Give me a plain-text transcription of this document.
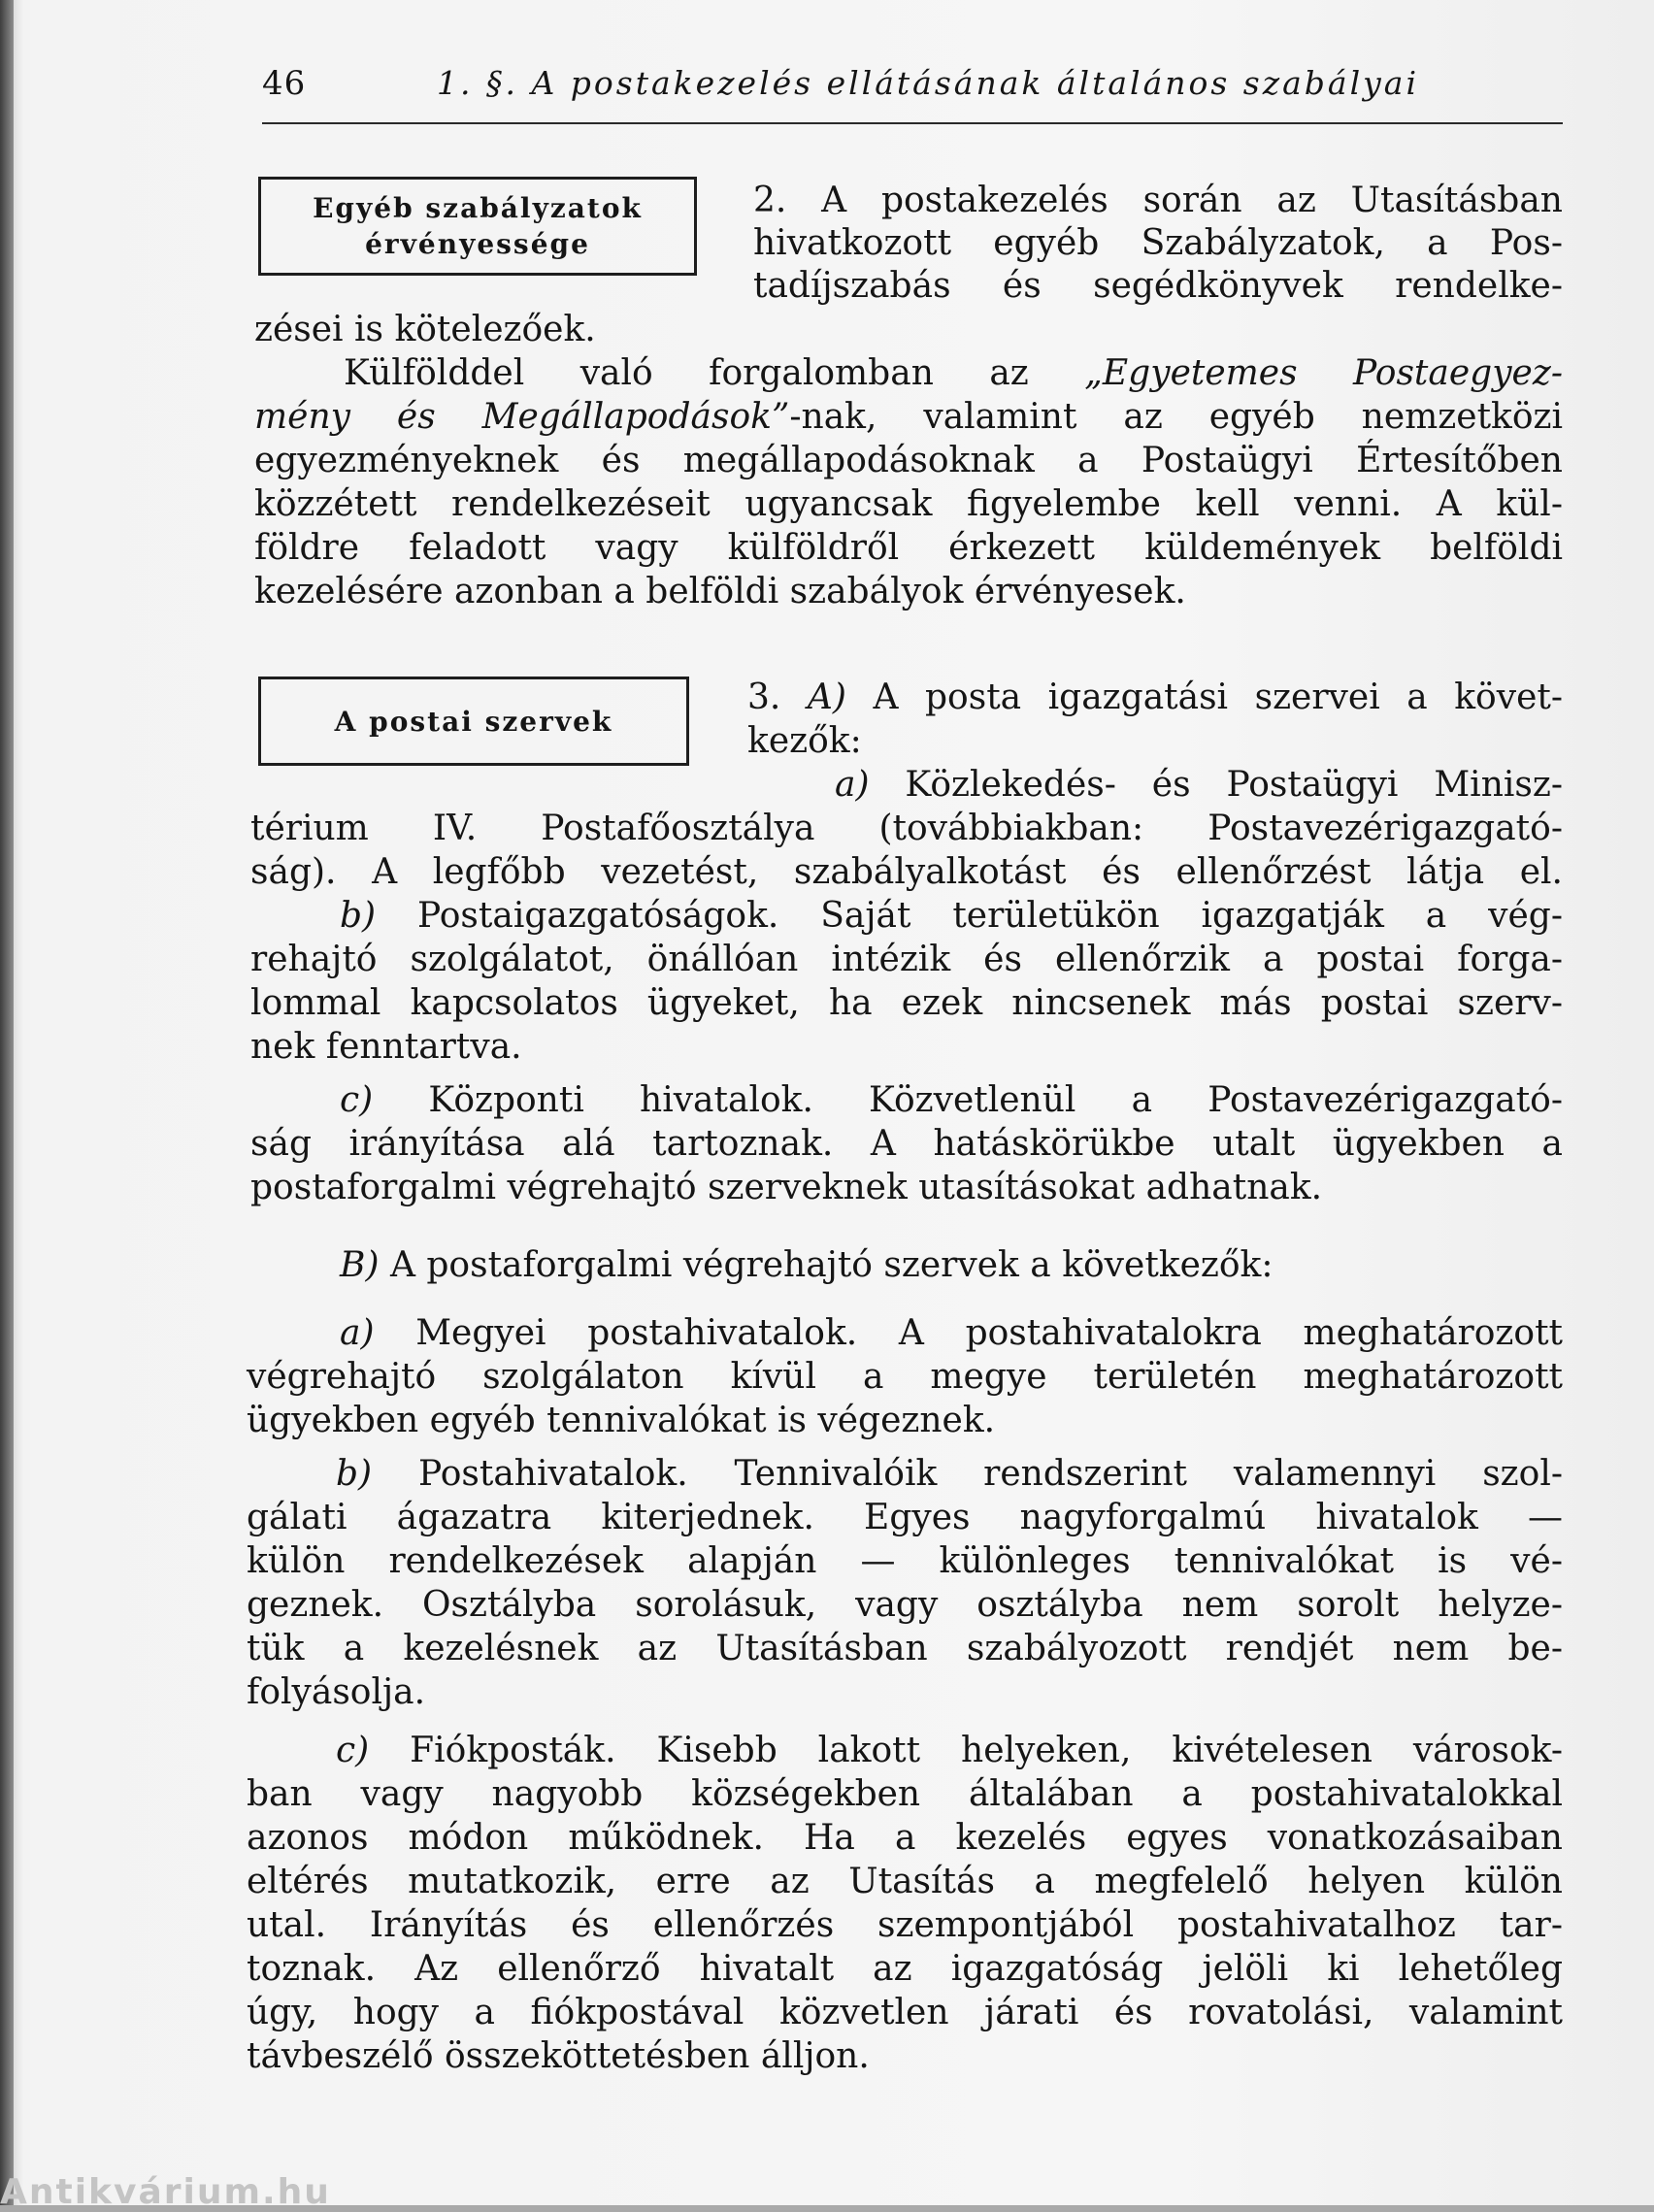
46	1. §. A postakezelés ellátásának általános szabályai
Egyéb szabályzatok
érvényessége
2. A postakezelés során az Utasításban
hivatkozott egyéb Szabályzatok, a Pos-
tadíjszabás és segédkönyvek rendelke-
zései is kötelezőek.
Külfölddel való forgalomban az „Egyetemes Postaegyez-
mény és Megállapodások”-nak, valamint az egyéb nemzetközi
egyezményeknek és megállapodásoknak a Postaügyi Értesítőben
közzétett rendelkezéseit ugyancsak figyelembe kell venni. A kül-
földre feladott vagy külföldről érkezett küldemények belföldi
kezelésére azonban a belföldi szabályok érvényesek.
A postai szervek
3. A) A posta igazgatási szervei a követ-
kezők:
a) Közlekedés- és Postaügyi Minisz-
térium IV. Postafőosztálya (továbbiakban: Postavezérigazgató-
ság). A legfőbb vezetést, szabályalkotást és ellenőrzést látja el.
b) Postaigazgatóságok. Saját területükön igazgatják a vég-
rehajtó szolgálatot, önállóan intézik és ellenőrzik a postai forga-
lommal kapcsolatos ügyeket, ha ezek nincsenek más postai szerv-
nek fenntartva.
c) Központi hivatalok. Közvetlenül a Postavezérigazgató-
ság irányítása alá tartoznak. A hatáskörükbe utalt ügyekben a
postaforgalmi végrehajtó szerveknek utasításokat adhatnak.
B) A postaforgalmi végrehajtó szervek a következők:
a) Megyei postahivatalok. A postahivatalokra meghatározott
végrehajtó szolgálaton kívül a megye területén meghatározott
ügyekben egyéb tennivalókat is végeznek.
b) Postahivatalok. Tennivalóik rendszerint valamennyi szol-
gálati ágazatra kiterjednek. Egyes nagyforgalmú hivatalok —
külön rendelkezések alapján — különleges tennivalókat is vé-
geznek. Osztályba sorolásuk, vagy osztályba nem sorolt helyze-
tük a kezelésnek az Utasításban szabályozott rendjét nem be-
folyásolja.
c) Fiókposták. Kisebb lakott helyeken, kivételesen városok-
ban vagy nagyobb községekben általában a postahivatalokkal
azonos módon működnek. Ha a kezelés egyes vonatkozásaiban
eltérés mutatkozik, erre az Utasítás a megfelelő helyen külön
utal. Irányítás és ellenőrzés szempontjából postahivatalhoz tar-
toznak. Az ellenőrző hivatalt az igazgatóság jelöli ki lehetőleg
úgy, hogy a fiókpostával közvetlen járati és rovatolási, valamint
távbeszélő összeköttetésben álljon.
Antikvárium.hu
